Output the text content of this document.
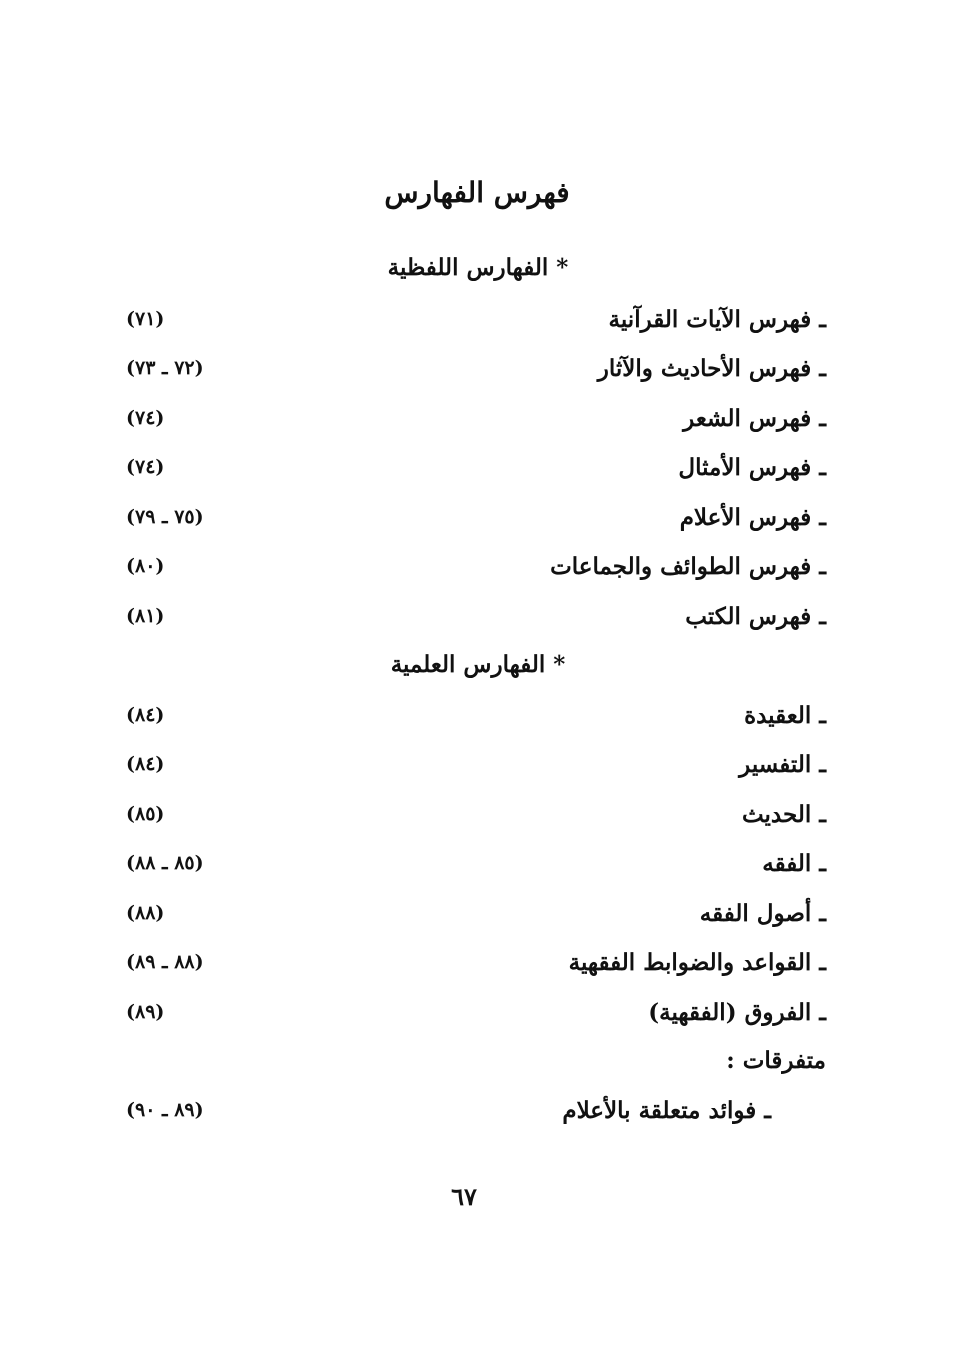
فهرس الفهارس
* الفهارس اللفظية
ـ فهرس الآيات القرآنية
(٧١)
ـ فهرس الأحاديث والآثار
(٧٢ ـ ٧٣)
ـ فهرس الشعر
(٧٤)
ـ فهرس الأمثال
(٧٤)
ـ فهرس الأعلام
(٧٥ ـ ٧٩)
ـ فهرس الطوائف والجماعات
(٨٠)
ـ فهرس الكتب
(٨١)
* الفهارس العلمية
ـ العقيدة
(٨٤)
ـ التفسير
(٨٤)
ـ الحديث
(٨٥)
ـ الفقه
(٨٥ ـ ٨٨)
ـ أصول الفقه
(٨٨)
ـ القواعد والضوابط الفقهية
(٨٨ ـ ٨٩)
ـ الفروق (الفقهية)
(٨٩)
متفرقات :
ـ فوائد متعلقة بالأعلام
(٨٩ ـ ٩٠)
٦٧
